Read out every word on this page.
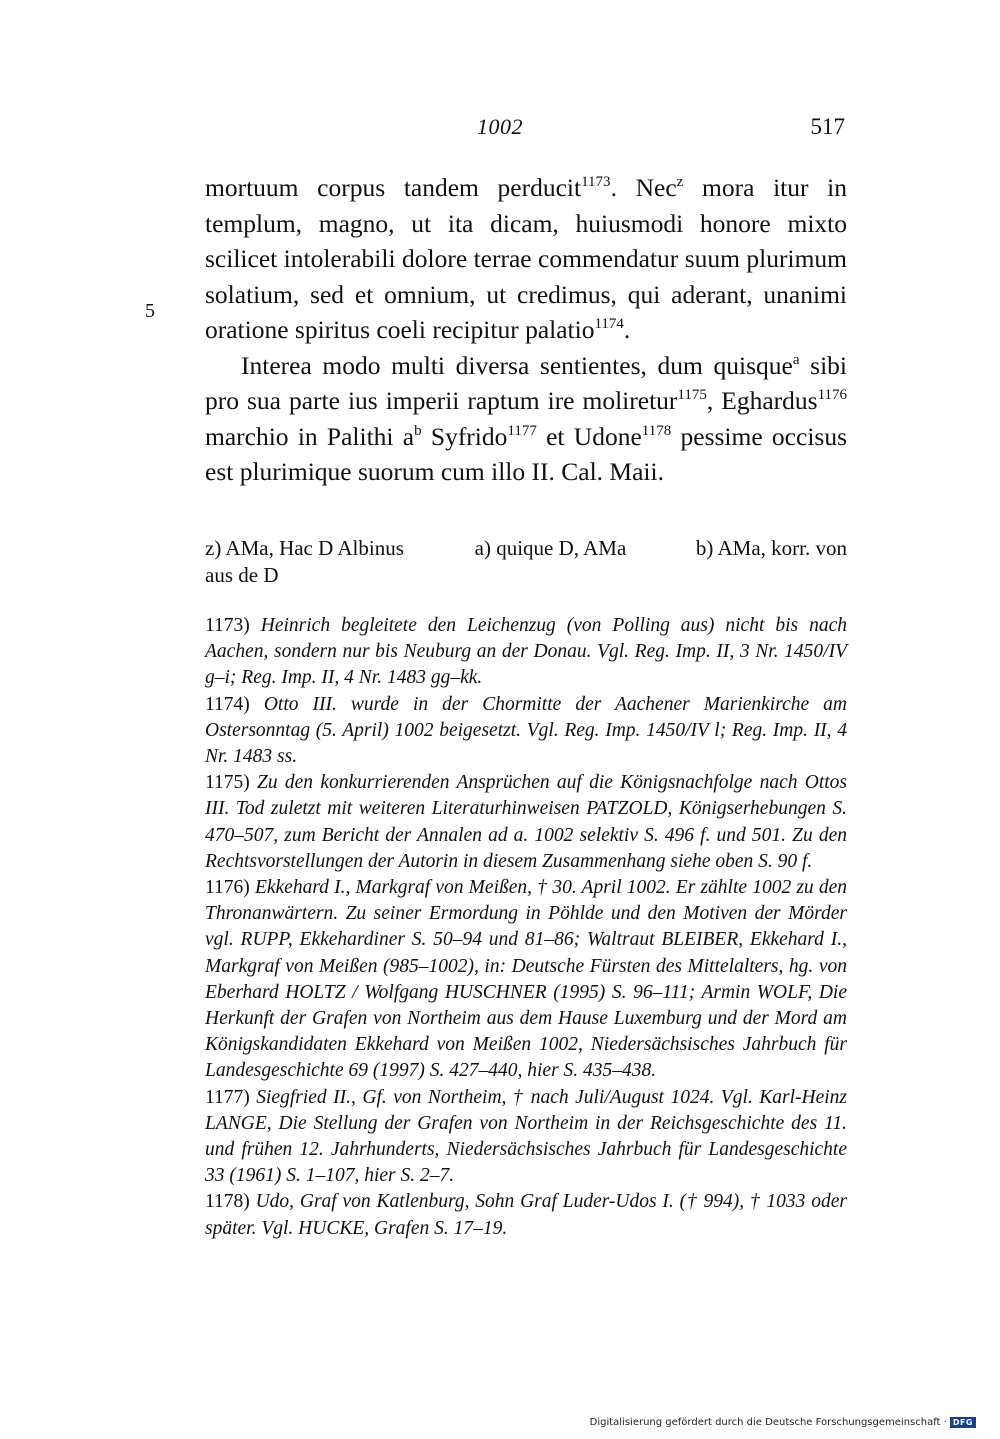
1002	517

mortuum corpus tandem perducit$^{1173}$. Nec$^z$ mora itur in templum, magno, ut ita dicam, huiusmodi honore mixto scilicet intolerabili dolore terrae commendatur suum plurimum solatium, sed et omnium, ut credimus, qui aderant, unanimi oratione spiritus coeli recipitur palatio$^{1174}$.

Interea modo multi diversa sentientes, dum quisque$^a$ sibi pro sua parte ius imperii raptum ire moliretur$^{1175}$, Eghardus$^{1176}$ marchio in Palithi $a^b$ Syfrido$^{1177}$ et Udone$^{1178}$ pessime occisus est plurimique suorum cum illo II. Cal. Maii.

5
z) AMa, Hac D Albinus aus de D
a) quique D, AMa	b) AMa, korr. von

1173) Heinrich begleitete den Leichenzug (von Polling aus) nicht bis nach Aachen, sondern nur bis Neuburg an der Donau. Vgl. Reg. Imp. II, 3 Nr. 1450/IV g–i; Reg. Imp. II, 4 Nr. 1483 gg–kk.

1174) Otto III. wurde in der Chormitte der Aachener Marienkirche am Ostersonntag (5. April) 1002 beigesetzt. Vgl. Reg. Imp. 1450/IV l; Reg. Imp. II, 4 Nr. 1483 ss.

1175) Zu den konkurrierenden Ansprüchen auf die Königsnachfolge nach Ottos III. Tod zuletzt mit weiteren Literaturhinweisen PATZOLD, Königserhebungen S. 470–507, zum Bericht der Annalen ad a. 1002 selektiv S. 496 f. und 501. Zu den Rechtsvorstellungen der Autorin in diesem Zusammenhang siehe oben S. 90 f.

1176) Ekkehard I., Markgraf von Meißen, † 30. April 1002. Er zählte 1002 zu den Thronanwärtern. Zu seiner Ermordung in Pöhlde und den Motiven der Mörder vgl. RUPP, Ekkehardiner S. 50–94 und 81–86; Waltraut BLEIBER, Ekkehard I., Markgraf von Meißen (985–1002), in: Deutsche Fürsten des Mittelalters, hg. von Eberhard HOLTZ / Wolfgang HUSCHNER (1995) S. 96–111; Armin WOLF, Die Herkunft der Grafen von Northeim aus dem Hause Luxemburg und der Mord am Königskandidaten Ekkehard von Meißen 1002, Niedersächsisches Jahrbuch für Landesgeschichte 69 (1997) S. 427–440, hier S. 435–438.

1177) Siegfried II., Gf. von Northeim, † nach Juli/August 1024. Vgl. Karl-Heinz LANGE, Die Stellung der Grafen von Northeim in der Reichsgeschichte des 11. und frühen 12. Jahrhunderts, Niedersächsisches Jahrbuch für Landesgeschichte 33 (1961) S. 1–107, hier S. 2–7.

1178) Udo, Graf von Katlenburg, Sohn Graf Luder-Udos I. († 994), † 1033 oder später. Vgl. HUCKE, Grafen S. 17–19.

Digitalisierung gefördert durch die Deutsche Forschungsgemeinschaft · DFG
